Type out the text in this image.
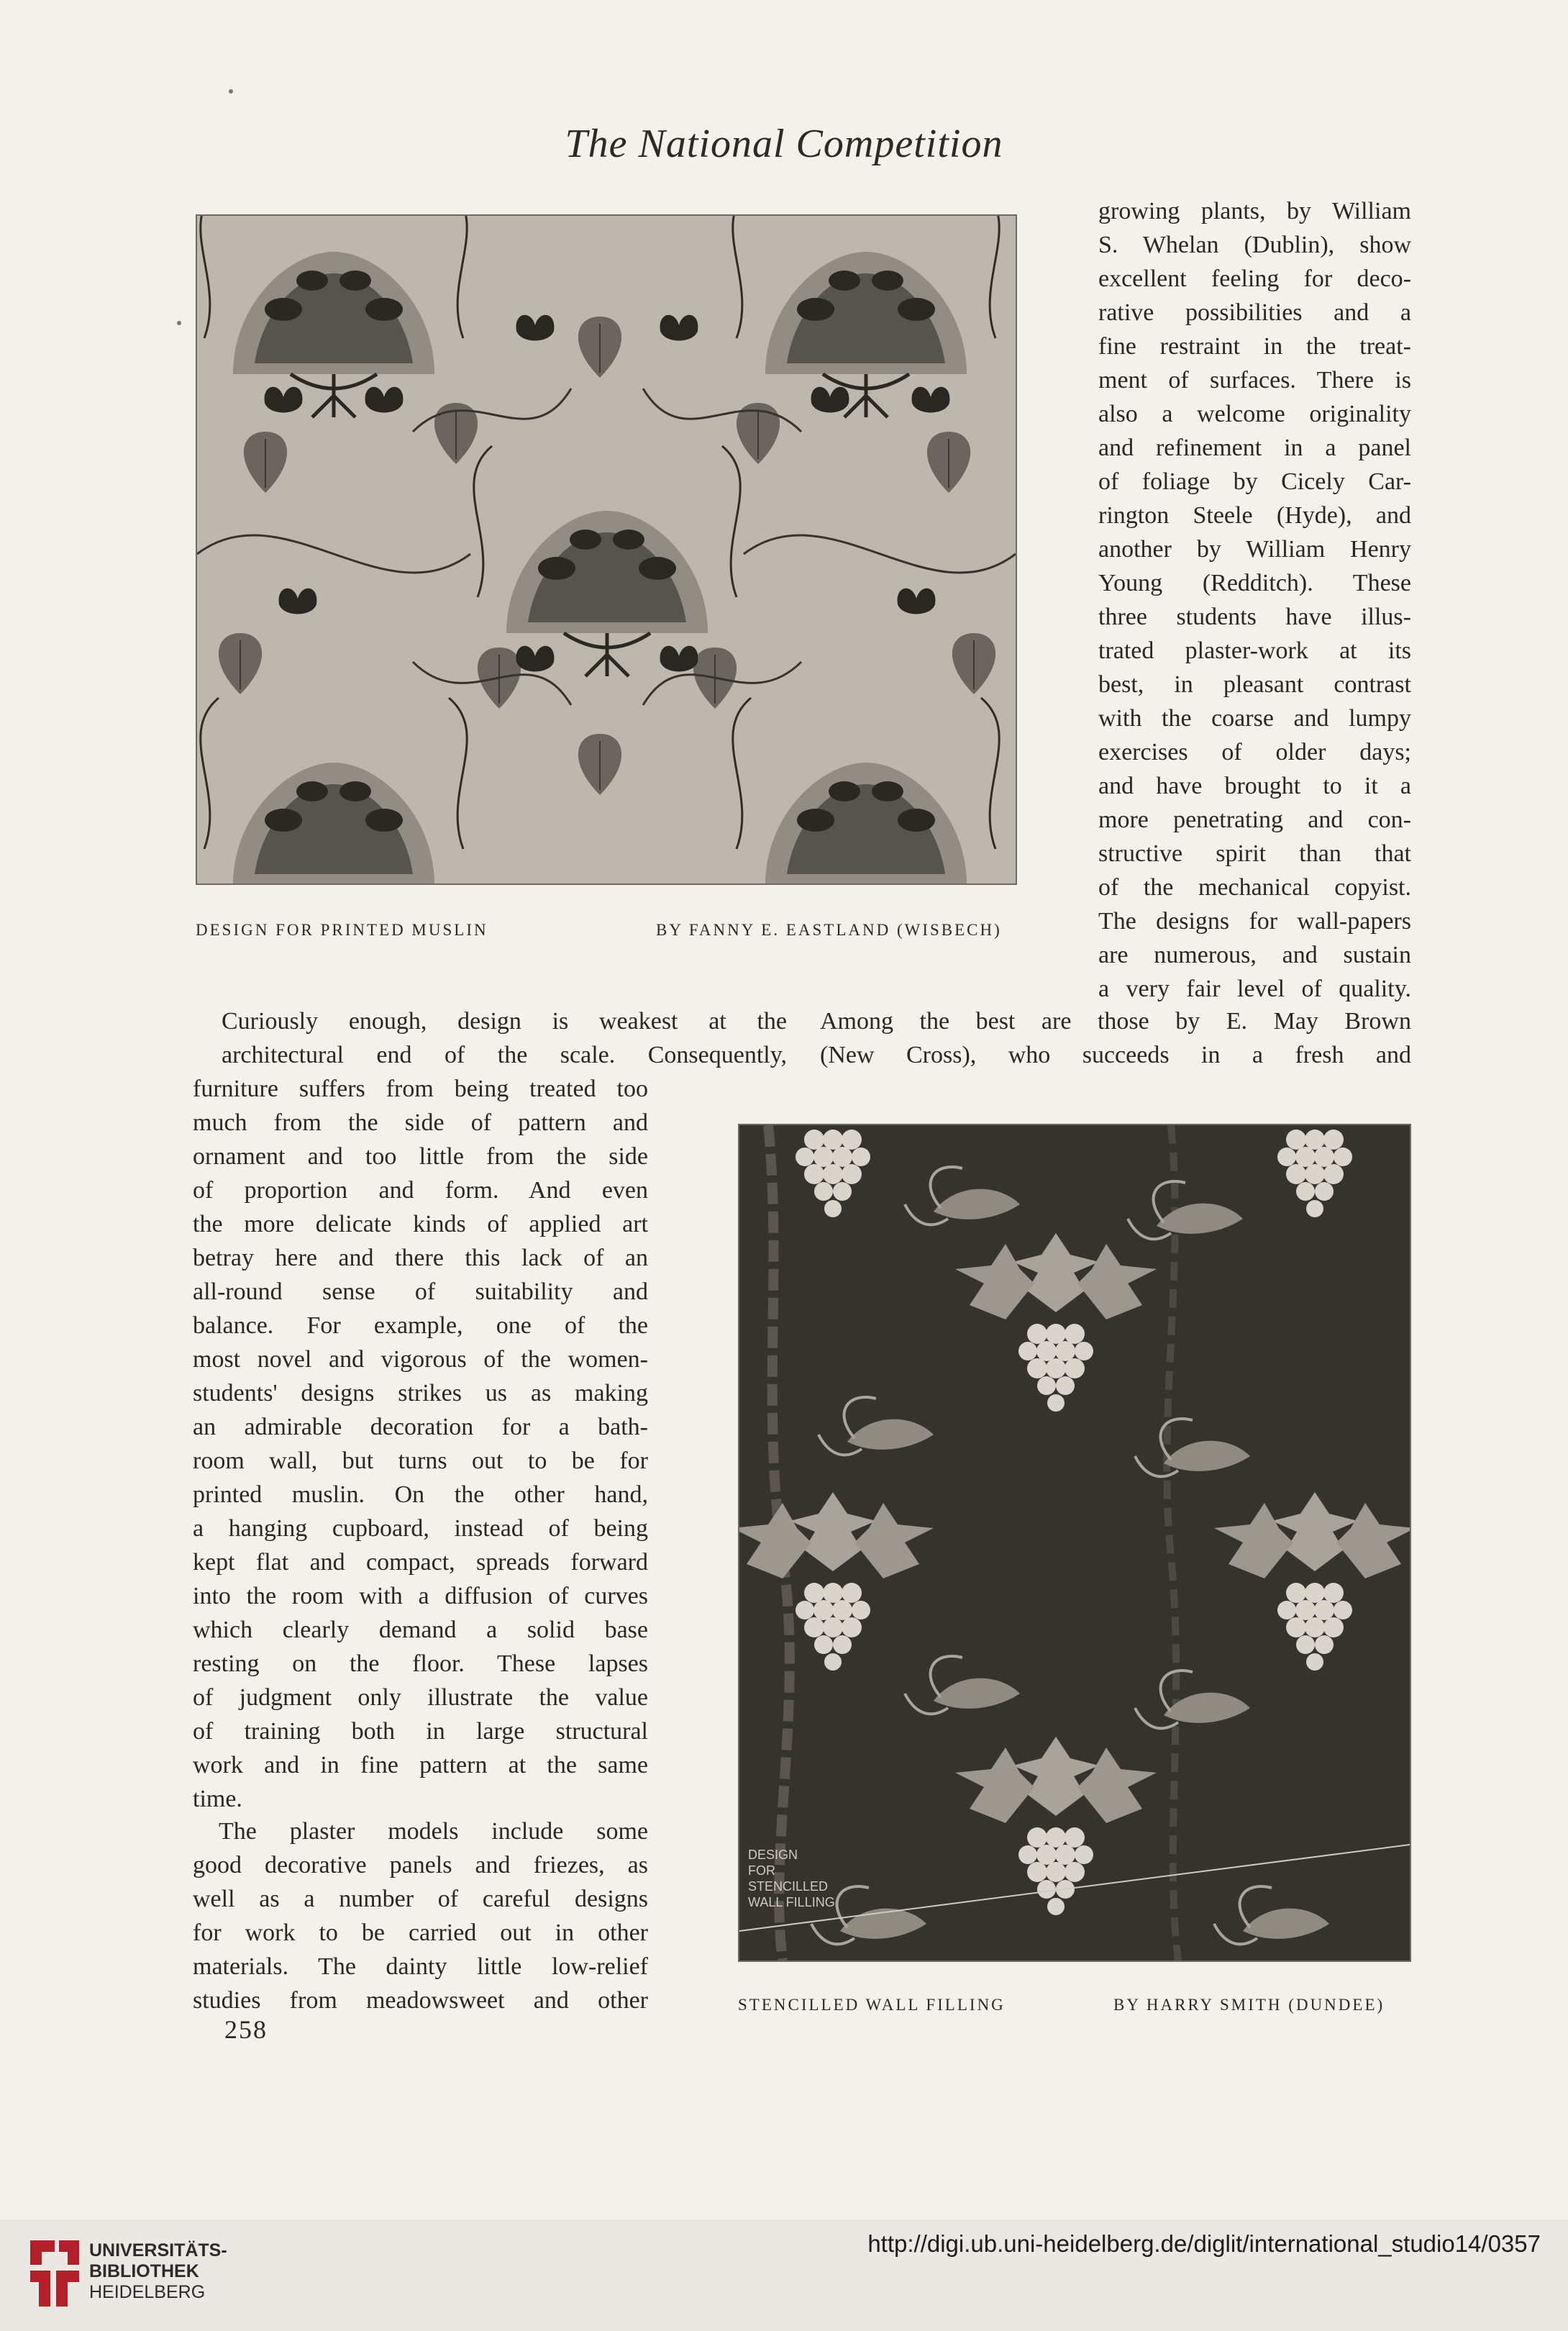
The National Competition
DESIGN FOR PRINTED MUSLIN	BY FANNY E. EASTLAND (WISBECH)
growing plants, by William
S. Whelan (Dublin), show
excellent feeling for deco-
rative possibilities and a
fine restraint in the treat-
ment of surfaces. There is
also a welcome originality
and refinement in a panel
of foliage by Cicely Car-
rington Steele (Hyde), and
another by William Henry
Young (Redditch). These
three students have illus-
trated plaster-work at its
best, in pleasant contrast
with the coarse and lumpy
exercises of older days;
and have brought to it a
more penetrating and con-
structive spirit than that
of the mechanical copyist.
The designs for wall-papers
are numerous, and sustain
a very fair level of quality.
Curiously enough, design is weakest at the
architectural end of the scale. Consequently,
Among the best are those by E. May Brown
(New Cross), who succeeds in a fresh and
furniture suffers from being treated too
much from the side of pattern and
ornament and too little from the side
of proportion and form. And even
the more delicate kinds of applied art
betray here and there this lack of an
all-round sense of suitability and
balance. For example, one of the
most novel and vigorous of the women-
students' designs strikes us as making
an admirable decoration for a bath-
room wall, but turns out to be for
printed muslin. On the other hand,
a hanging cupboard, instead of being
kept flat and compact, spreads forward
into the room with a diffusion of curves
which clearly demand a solid base
resting on the floor. These lapses
of judgment only illustrate the value
of training both in large structural
work and in fine pattern at the same
time.
The plaster models include some
good decorative panels and friezes, as
well as a number of careful designs
for work to be carried out in other
materials. The dainty little low-relief
studies from meadowsweet and other
258
DESIGN
FOR
STENCILLED
WALL FILLING
STENCILLED WALL FILLING	BY HARRY SMITH (DUNDEE)
UNIVERSITÄTS-
BIBLIOTHEK
HEIDELBERG
http://digi.ub.uni-heidelberg.de/diglit/international_studio14/0357
